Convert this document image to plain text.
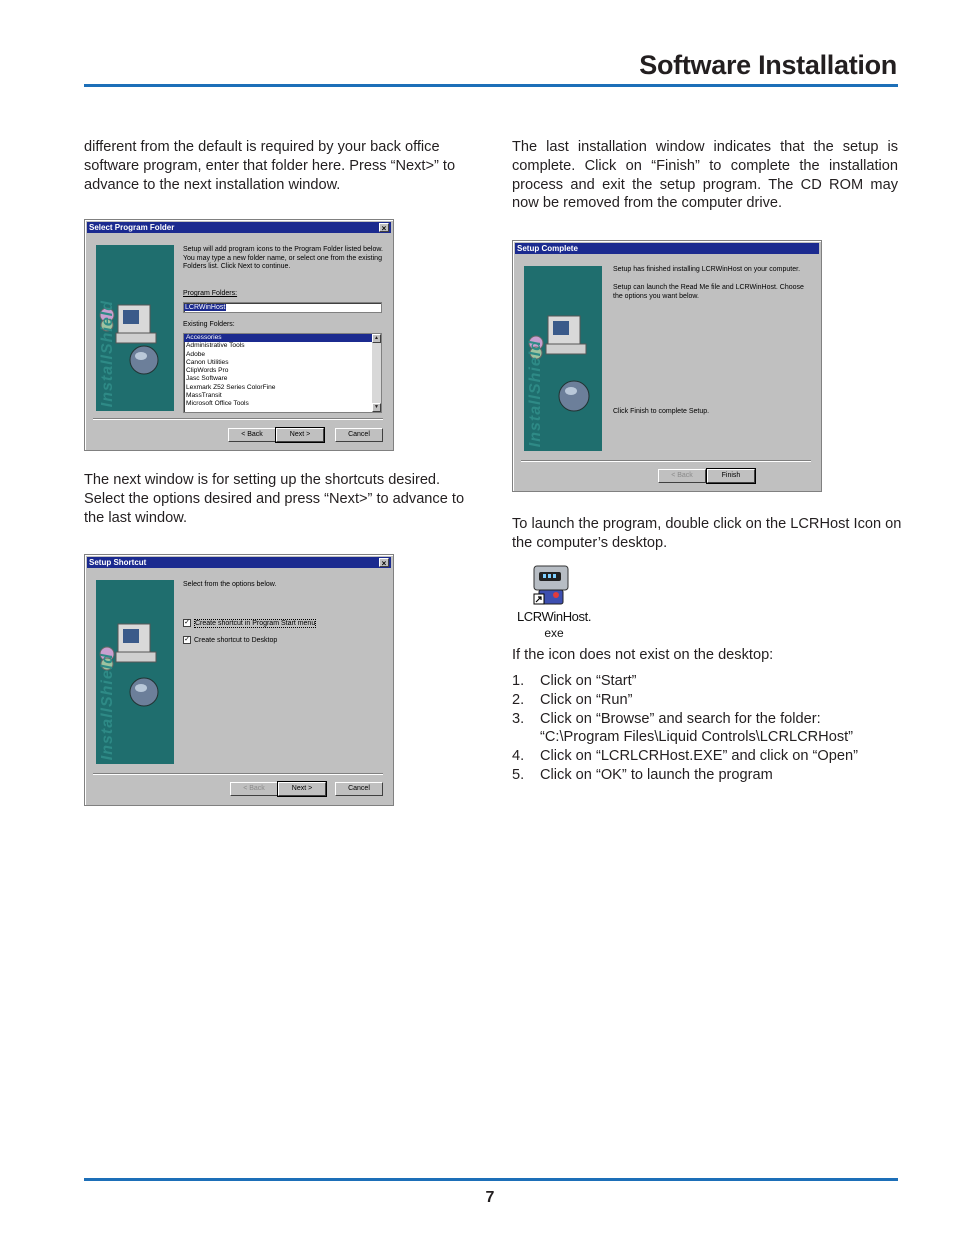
Software Installation

different from the default is required by your back office software program, enter that folder here. Press “Next>” to advance to the next installation window.

Select Program Folder	×
InstallShield
Setup will add program icons to the Program Folder listed below. You may type a new folder name, or select one from the existing Folders list. Click Next to continue.
Program Folders:
LCRWinHost
Existing Folders:
Accessories
Administrative Tools
Adobe
Canon Utilities
ClipWords Pro
Jasc Software
Lexmark Z52 Series ColorFine
MassTransit
Microsoft Office Tools
▲
▼
< Back	Next >	Cancel

The next window is for setting up the shortcuts desired. Select the options desired and press “Next>” to advance to the last window.

Setup Shortcut	×
InstallShield
Select from the options below.
✓ Create shortcut in Program Start menu
✓ Create shortcut to Desktop
< Back	Next >	Cancel

The last installation window indicates that the setup is complete. Click on “Finish” to complete the installation process and exit the setup program. The CD ROM may now be removed from the computer drive.

Setup Complete
InstallShield
Setup has finished installing LCRWinHost on your computer.
Setup can launch the Read Me file and LCRWinHost. Choose the options you want below.
Click Finish to complete Setup.
< Back	Finish

To launch the program, double click on the LCRHost Icon on the computer’s desktop.

LCRWinHost.
exe

If the icon does not exist on the desktop:

1. Click on “Start”
2. Click on “Run”
3. Click on “Browse” and search for the folder:
“C:\Program Files\Liquid Controls\LCRLCRHost”
4. Click on “LCRLCRHost.EXE” and click on “Open”
5. Click on “OK” to launch the program
7
